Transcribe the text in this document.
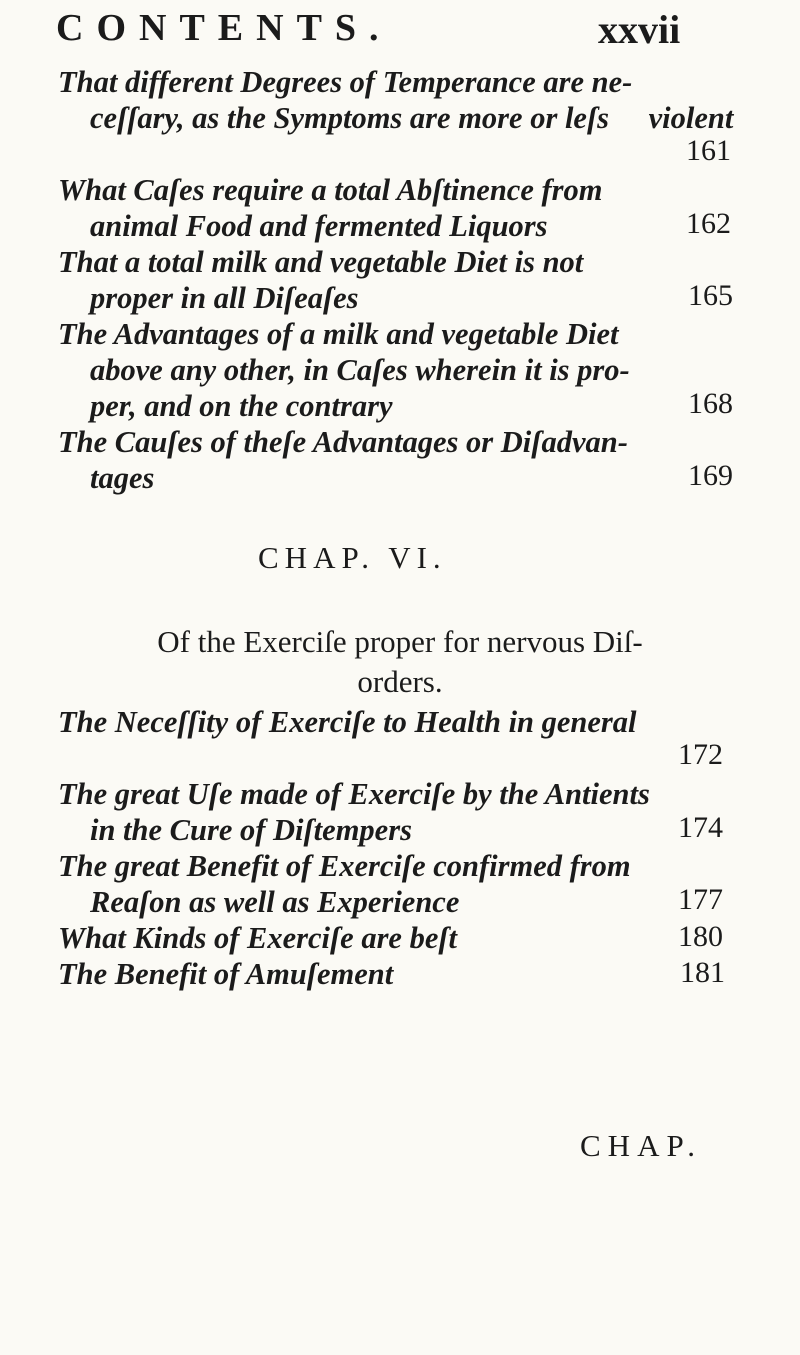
CONTENTS.	xxvii
That different Degrees of Temperance are ne-
ceſſary, as the Symptoms are more or leſs violent
161
What Caſes require a total Abſtinence from
animal Food and fermented Liquors	162
That a total milk and vegetable Diet is not
proper in all Diſeaſes	165
The Advantages of a milk and vegetable Diet
above any other, in Caſes wherein it is pro- per, and on the contrary	168
The Cauſes of theſe Advantages or Diſadvan-
tages	169
CHAP. VI.
Of the Exerciſe proper for nervous Diſ-
orders.
The Neceſſity of Exerciſe to Health in general
172
The great Uſe made of Exerciſe by the Antients
in the Cure of Diſtempers	174
The great Benefit of Exerciſe confirmed from
Reaſon as well as Experience	177
What Kinds of Exerciſe are beſt	180
The Benefit of Amuſement	181
CHAP.
